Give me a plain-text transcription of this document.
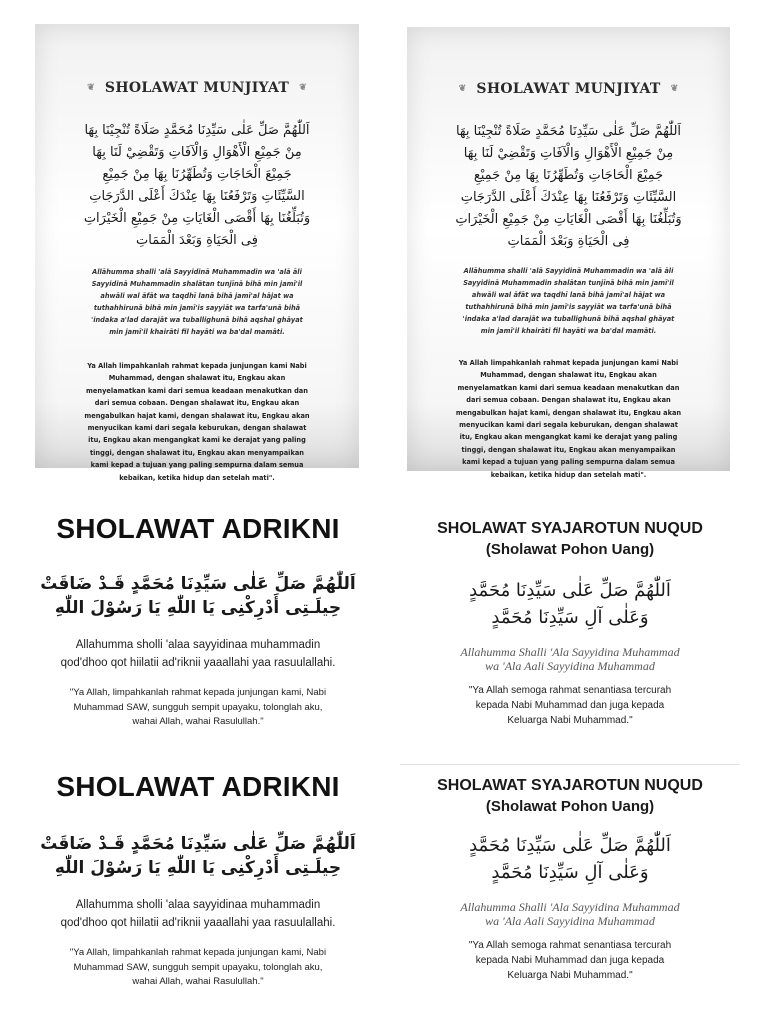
❦ SHOLAWAT MUNJIYAT ❦
اَللّٰهُمَّ صَلِّ عَلٰى سَيِّدِنَا مُحَمَّدٍ صَلَاةً تُنْجِيْنَا بِهَا مِنْ جَمِيْعِ الْأَهْوَالِ وَالْآفَاتِ وَتَقْضِيْ لَنَا بِهَا جَمِيْعَ الْحَاجَاتِ وَتُطَهِّرُنَا بِهَا مِنْ جَمِيْعِ السَّيِّئَاتِ وَتَرْفَعُنَا بِهَا عِنْدَكَ أَعْلَى الدَّرَجَاتِ وَتُبَلِّغُنَا بِهَا أَقْصَى الْغَايَاتِ مِنْ جَمِيْعِ الْخَيْرَاتِ فِى الْحَيَاةِ وَبَعْدَ الْمَمَاتِ
Allāhumma shalli 'alā Sayyidinā Muhammadin wa 'alā āli Sayyidinā Muhammadin shalātan tunjīnā bihā min jamī'il ahwāli wal āfāt wa taqdhī lanā bihā jamī'al hājat wa tuthahhirunā bihā min jamī'is sayyiāt wa tarfa'unā bihā 'indaka a'lad darajāt wa tuballighunā bihā aqshal ghāyat min jamī'il khairāti fil hayāti wa ba'dal mamāti.
Ya Allah limpahkanlah rahmat kepada junjungan kami Nabi Muhammad, dengan shalawat itu, Engkau akan menyelamatkan kami dari semua keadaan menakutkan dan dari semua cobaan. Dengan shalawat itu, Engkau akan mengabulkan hajat kami, dengan shalawat itu, Engkau akan menyucikan kami dari segala keburukan, dengan shalawat itu, Engkau akan mengangkat kami ke derajat yang paling tinggi, dengan shalawat itu, Engkau akan menyampaikan kami kepad a tujuan yang paling sempurna dalam semua kebaikan, ketika hidup dan setelah mati".
❦ SHOLAWAT MUNJIYAT ❦
اَللّٰهُمَّ صَلِّ عَلٰى سَيِّدِنَا مُحَمَّدٍ صَلَاةً تُنْجِيْنَا بِهَا مِنْ جَمِيْعِ الْأَهْوَالِ وَالْآفَاتِ وَتَقْضِيْ لَنَا بِهَا جَمِيْعَ الْحَاجَاتِ وَتُطَهِّرُنَا بِهَا مِنْ جَمِيْعِ السَّيِّئَاتِ وَتَرْفَعُنَا بِهَا عِنْدَكَ أَعْلَى الدَّرَجَاتِ وَتُبَلِّغُنَا بِهَا أَقْصَى الْغَايَاتِ مِنْ جَمِيْعِ الْخَيْرَاتِ فِى الْحَيَاةِ وَبَعْدَ الْمَمَاتِ
Allāhumma shalli 'alā Sayyidinā Muhammadin wa 'alā āli Sayyidinā Muhammadin shalātan tunjīnā bihā min jamī'il ahwāli wal āfāt wa taqdhī lanā bihā jamī'al hājat wa tuthahhirunā bihā min jamī'is sayyiāt wa tarfa'unā bihā 'indaka a'lad darajāt wa tuballighunā bihā aqshal ghāyat min jamī'il khairāti fil hayāti wa ba'dal mamāti.
Ya Allah limpahkanlah rahmat kepada junjungan kami Nabi Muhammad, dengan shalawat itu, Engkau akan menyelamatkan kami dari semua keadaan menakutkan dan dari semua cobaan. Dengan shalawat itu, Engkau akan mengabulkan hajat kami, dengan shalawat itu, Engkau akan menyucikan kami dari segala keburukan, dengan shalawat itu, Engkau akan mengangkat kami ke derajat yang paling tinggi, dengan shalawat itu, Engkau akan menyampaikan kami kepad a tujuan yang paling sempurna dalam semua kebaikan, ketika hidup dan setelah mati".
SHOLAWAT ADRIKNI
اَللّٰهُمَّ صَلِّ عَلٰى سَيِّدِنَا مُحَمَّدٍ قَـدْ ضَاقَتْ
حِيلَـتِى أَدْرِكْنِى يَا اللّٰهِ يَا رَسُوْلَ اللّٰهِ
Allahumma sholli 'alaa sayyidinaa muhammadin qod'dhoo qot hiilatii ad'riknii yaaallahi yaa rasuulallahi.
"Ya Allah, limpahkanlah rahmat kepada junjungan kami, Nabi Muhammad SAW, sungguh sempit upayaku, tolonglah aku, wahai Allah, wahai Rasulullah."
SHOLAWAT ADRIKNI
اَللّٰهُمَّ صَلِّ عَلٰى سَيِّدِنَا مُحَمَّدٍ قَـدْ ضَاقَتْ
حِيلَـتِى أَدْرِكْنِى يَا اللّٰهِ يَا رَسُوْلَ اللّٰهِ
Allahumma sholli 'alaa sayyidinaa muhammadin qod'dhoo qot hiilatii ad'riknii yaaallahi yaa rasuulallahi.
"Ya Allah, limpahkanlah rahmat kepada junjungan kami, Nabi Muhammad SAW, sungguh sempit upayaku, tolonglah aku, wahai Allah, wahai Rasulullah."
SHOLAWAT SYAJAROTUN NUQUD
(Sholawat Pohon Uang)
اَللّٰهُمَّ صَلِّ عَلٰى سَيِّدِنَا مُحَمَّدٍ
وَعَلٰى آلِ سَيِّدِنَا مُحَمَّدٍ
Allahumma Shalli 'Ala Sayyidina Muhammad
wa 'Ala Aali Sayyidina Muhammad
"Ya Allah semoga rahmat senantiasa tercurah kepada Nabi Muhammad dan juga kepada Keluarga Nabi Muhammad."
SHOLAWAT SYAJAROTUN NUQUD
(Sholawat Pohon Uang)
اَللّٰهُمَّ صَلِّ عَلٰى سَيِّدِنَا مُحَمَّدٍ
وَعَلٰى آلِ سَيِّدِنَا مُحَمَّدٍ
Allahumma Shalli 'Ala Sayyidina Muhammad
wa 'Ala Aali Sayyidina Muhammad
"Ya Allah semoga rahmat senantiasa tercurah kepada Nabi Muhammad dan juga kepada Keluarga Nabi Muhammad."
